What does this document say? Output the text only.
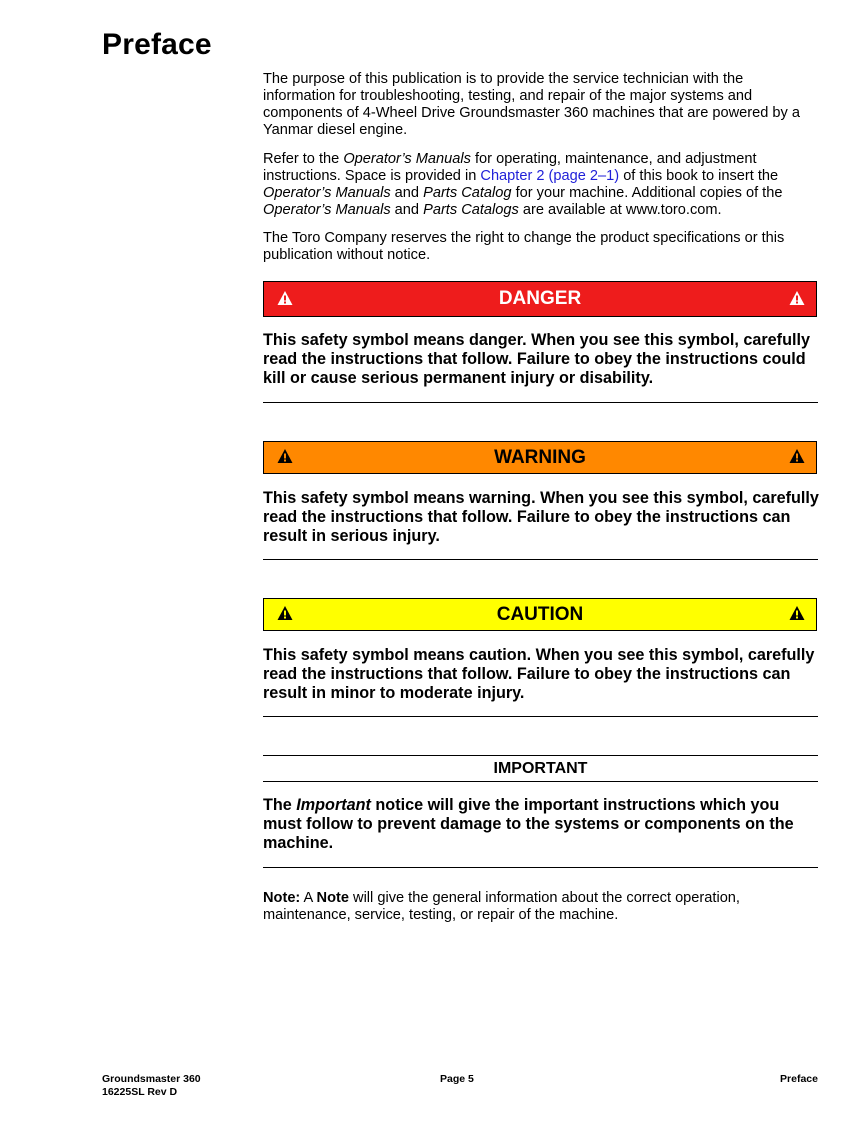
Preface

The purpose of this publication is to provide the service technician with the information for troubleshooting, testing, and repair of the major systems and components of 4-Wheel Drive Groundsmaster 360 machines that are powered by a Yanmar diesel engine.

Refer to the Operator’s Manuals for operating, maintenance, and adjustment instructions. Space is provided in Chapter 2 (page 2–1) of this book to insert the Operator’s Manuals and Parts Catalog for your machine. Additional copies of the Operator’s Manuals and Parts Catalogs are available at www.toro.com.

The Toro Company reserves the right to change the product specifications or this publication without notice.

DANGER

This safety symbol means danger. When you see this symbol, carefully read the instructions that follow. Failure to obey the instructions could kill or cause serious permanent injury or disability.

WARNING

This safety symbol means warning. When you see this symbol, carefully read the instructions that follow. Failure to obey the instructions can result in serious injury.

CAUTION

This safety symbol means caution. When you see this symbol, carefully read the instructions that follow. Failure to obey the instructions can result in minor to moderate injury.

IMPORTANT

The Important notice will give the important instructions which you must follow to prevent damage to the systems or components on the machine.

Note: A Note will give the general information about the correct operation, maintenance, service, testing, or repair of the machine.

Groundsmaster 360
16225SL Rev D
Page 5	Preface
